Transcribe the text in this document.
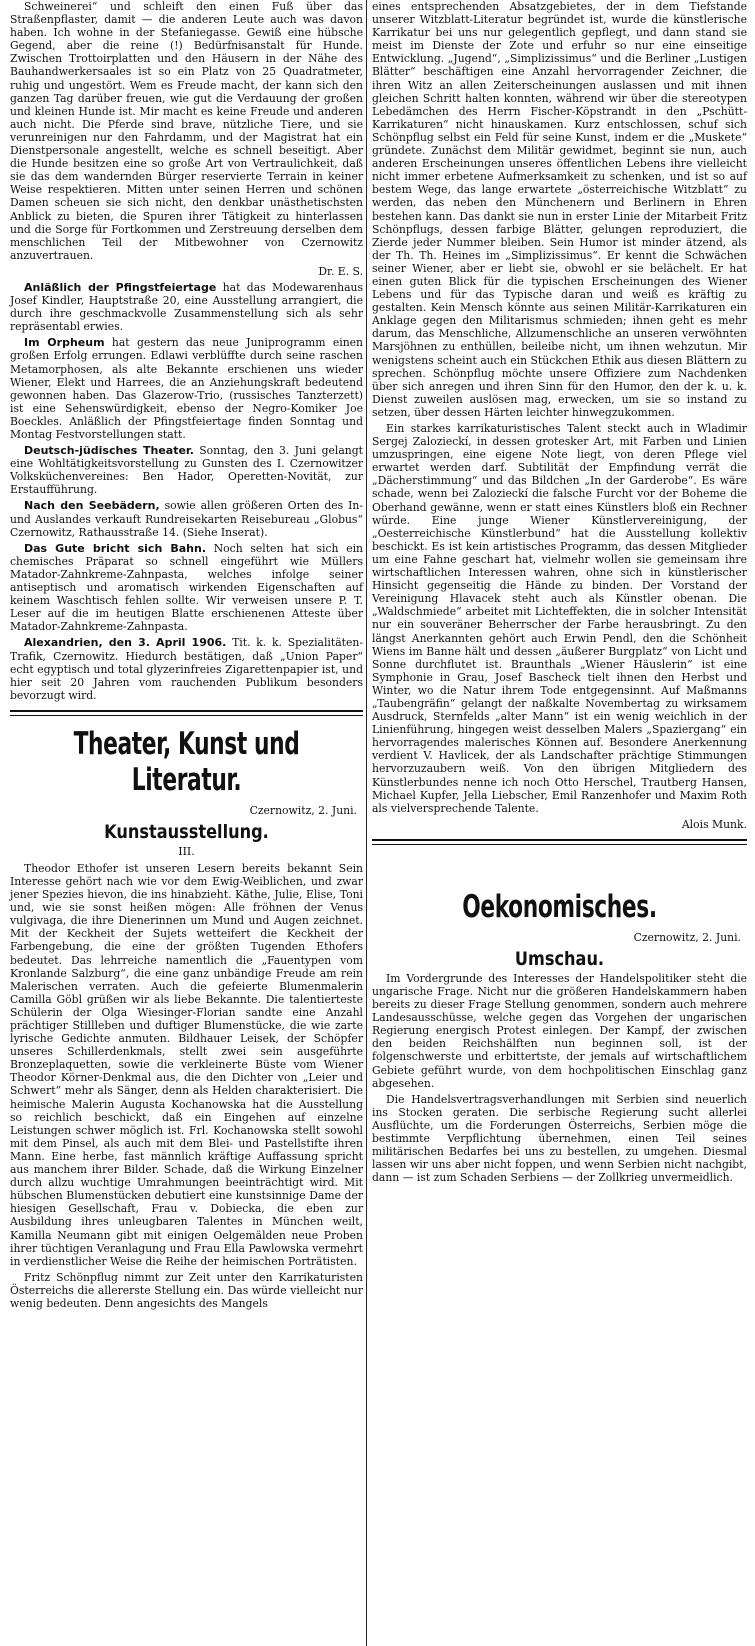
Schweinerei“ und schleift den einen Fuß über das Straßenpflaster, damit — die anderen Leute auch was davon haben. Ich wohne in der Stefaniegasse. Gewiß eine hübsche Gegend, aber die reine (!) Bedürfnisanstalt für Hunde. Zwischen Trottoirplatten und den Häusern in der Nähe des Bauhandwerkersaales ist so ein Platz von 25 Quadratmeter, ruhig und ungestört. Wem es Freude macht, der kann sich den ganzen Tag darüber freuen, wie gut die Verdauung der großen und kleinen Hunde ist. Mir macht es keine Freude und anderen auch nicht. Die Pferde sind brave, nützliche Tiere, und sie verunreinigen nur den Fahrdamm, und der Magistrat hat ein Dienstpersonale angestellt, welche es schnell beseitigt. Aber die Hunde besitzen eine so große Art von Vertraulichkeit, daß sie das dem wandernden Bürger reservierte Terrain in keiner Weise respektieren. Mitten unter seinen Herren und schönen Damen scheuen sie sich nicht, den denkbar unästhetischsten Anblick zu bieten, die Spuren ihrer Tätigkeit zu hinterlassen und die Sorge für Fortkommen und Zerstreuung derselben dem menschlichen Teil der Mitbewohner von Czernowitz anzuvertrauen.

Dr. E. S.

Anläßlich der Pfingstfeiertage hat das Modewarenhaus Josef Kindler, Hauptstraße 20, eine Ausstellung arrangiert, die durch ihre geschmackvolle Zusammenstellung sich als sehr repräsentabl erwies.

Im Orpheum hat gestern das neue Juniprogramm einen großen Erfolg errungen. Edlawi verblüffte durch seine raschen Metamorphosen, als alte Bekannte erschienen uns wieder Wiener, Elekt und Harrees, die an Anziehungskraft bedeutend gewonnen haben. Das Glazerow-Trio, (russisches Tanzterzett) ist eine Sehenswürdigkeit, ebenso der Negro-Komiker Joe Boeckles. Anläßlich der Pfingstfeiertage finden Sonntag und Montag Festvorstellungen statt.

Deutsch-jüdisches Theater. Sonntag, den 3. Juni gelangt eine Wohltätigkeitsvorstellung zu Gunsten des I. Czernowitzer Volksküchenvereines: Ben Hador, Operetten-Novität, zur Erstaufführung.

Nach den Seebädern, sowie allen größeren Orten des In- und Auslandes verkauft Rundreisekarten Reisebureau „Globus“ Czernowitz, Rathausstraße 14. (Siehe Inserat).

Das Gute bricht sich Bahn. Noch selten hat sich ein chemisches Präparat so schnell eingeführt wie Müllers Matador-Zahnkreme-Zahnpasta, welches infolge seiner antiseptisch und aromatisch wirkenden Eigenschaften auf keinem Waschtisch fehlen sollte. Wir verweisen unsere P. T. Leser auf die im heutigen Blatte erschienenen Atteste über Matador-Zahnkreme-Zahnpasta.

Alexandrien, den 3. April 1906. Tit. k. k. Spezialitäten-Trafik, Czernowitz. Hiedurch bestätigen, daß „Union Paper“ echt egyptisch und total glyzerinfreies Zigarettenpapier ist, und hier seit 20 Jahren vom rauchenden Publikum besonders bevorzugt wird.

Theater, Kunst und Literatur.
Czernowitz, 2. Juni.
Kunstausstellung.
III.

Theodor Ethofer ist unseren Lesern bereits bekannt Sein Interesse gehört nach wie vor dem Ewig-Weiblichen, und zwar jener Spezies hievon, die ins hinabzieht. Käthe, Julie, Elise, Toni und, wie sie sonst heißen mögen: Alle fröhnen der Venus vulgivaga, die ihre Dienerinnen um Mund und Augen zeichnet. Mit der Keckheit der Sujets wetteifert die Keckheit der Farbengebung, die eine der größten Tugenden Ethofers bedeutet. Das lehrreiche namentlich die „Fauentypen vom Kronlande Salzburg“, die eine ganz unbändige Freude am rein Malerischen verraten. Auch die gefeierte Blumenmalerin Camilla Göbl grüßen wir als liebe Bekannte. Die talentierteste Schülerin der Olga Wiesinger-Florian sandte eine Anzahl prächtiger Stillleben und duftiger Blumenstücke, die wie zarte lyrische Gedichte anmuten. Bildhauer Leisek, der Schöpfer unseres Schillerdenkmals, stellt zwei sein ausgeführte Bronzeplaquetten, sowie die verkleinerte Büste vom Wiener Theodor Körner-Denkmal aus, die den Dichter von „Leier und Schwert“ mehr als Sänger, denn als Helden charakterisiert. Die heimische Malerin Augusta Kochanowska hat die Ausstellung so reichlich beschickt, daß ein Eingehen auf einzelne Leistungen schwer möglich ist. Frl. Kochanowska stellt sowohl mit dem Pinsel, als auch mit dem Blei- und Pastellstifte ihren Mann. Eine herbe, fast männlich kräftige Auffassung spricht aus manchem ihrer Bilder. Schade, daß die Wirkung Einzelner durch allzu wuchtige Umrahmungen beeinträchtigt wird. Mit hübschen Blumenstücken debutiert eine kunstsinnige Dame der hiesigen Gesellschaft, Frau v. Dobiecka, die eben zur Ausbildung ihres unleugbaren Talentes in München weilt, Kamilla Neumann gibt mit einigen Oelgemälden neue Proben ihrer tüchtigen Veranlagung und Frau Ella Pawlowska vermehrt in verdienstlicher Weise die Reihe der heimischen Porträtisten.

Fritz Schönpflug nimmt zur Zeit unter den Karrikaturisten Österreichs die allererste Stellung ein. Das würde vielleicht nur wenig bedeuten. Denn angesichts des Mangels

eines entsprechenden Absatzgebietes, der in dem Tiefstande unserer Witzblatt-Literatur begründet ist, wurde die künstlerische Karrikatur bei uns nur gelegentlich gepflegt, und dann stand sie meist im Dienste der Zote und erfuhr so nur eine einseitige Entwicklung. „Jugend“, „Simplizissimus“ und die Berliner „Lustigen Blätter“ beschäftigen eine Anzahl hervorragender Zeichner, die ihren Witz an allen Zeiterscheinungen auslassen und mit ihnen gleichen Schritt halten konnten, während wir über die stereotypen Lebedämchen des Herrn Fischer-Köpstrandt in den „Pschütt-Karrikaturen“ nicht hinauskamen. Kurz entschlossen, schuf sich Schönpflug selbst ein Feld für seine Kunst, indem er die „Muskete“ gründete. Zunächst dem Militär gewidmet, beginnt sie nun, auch anderen Erscheinungen unseres öffentlichen Lebens ihre vielleicht nicht immer erbetene Aufmerksamkeit zu schenken, und ist so auf bestem Wege, das lange erwartete „österreichische Witzblatt“ zu werden, das neben den Münchenern und Berlinern in Ehren bestehen kann. Das dankt sie nun in erster Linie der Mitarbeit Fritz Schönpflugs, dessen farbige Blätter, gelungen reproduziert, die Zierde jeder Nummer bleiben. Sein Humor ist minder ätzend, als der Th. Th. Heines im „Simplizissimus“. Er kennt die Schwächen seiner Wiener, aber er liebt sie, obwohl er sie belächelt. Er hat einen guten Blick für die typischen Erscheinungen des Wiener Lebens und für das Typische daran und weiß es kräftig zu gestalten. Kein Mensch könnte aus seinen Militär-Karrikaturen ein Anklage gegen den Militarismus schmieden; ihnen geht es mehr darum, das Menschliche, Allzumenschliche an unseren verwöhnten Marsjöhnen zu enthüllen, beileibe nicht, um ihnen wehzutun. Mir wenigstens scheint auch ein Stückchen Ethik aus diesen Blättern zu sprechen. Schönpflug möchte unsere Offiziere zum Nachdenken über sich anregen und ihren Sinn für den Humor, den der k. u. k. Dienst zuweilen auslösen mag, erwecken, um sie so instand zu setzen, über dessen Härten leichter hinwegzukommen.

Ein starkes karrikaturistisches Talent steckt auch in Wladimir Sergej Zalozieckí, in dessen grotesker Art, mit Farben und Linien umzuspringen, eine eigene Note liegt, von deren Pflege viel erwartet werden darf. Subtilität der Empfindung verrät die „Dächerstimmung“ und das Bildchen „In der Garderobe“. Es wäre schade, wenn bei Zalozieckí die falsche Furcht vor der Boheme die Oberhand gewänne, wenn er statt eines Künstlers bloß ein Rechner würde. Eine junge Wiener Künstlervereinigung, der „Oesterreichische Künstlerbund“ hat die Ausstellung kollektiv beschickt. Es ist kein artistisches Programm, das dessen Mitglieder um eine Fahne geschart hat, vielmehr wollen sie gemeinsam ihre wirtschaftlichen Interessen wahren, ohne sich in künstlerischer Hinsicht gegenseitig die Hände zu binden. Der Vorstand der Vereinigung Hlavacek steht auch als Künstler obenan. Die „Waldschmiede“ arbeitet mit Lichteffekten, die in solcher Intensität nur ein souveräner Beherrscher der Farbe herausbringt. Zu den längst Anerkannten gehört auch Erwin Pendl, den die Schönheit Wiens im Banne hält und dessen „äußerer Burgplatz“ von Licht und Sonne durchflutet ist. Braunthals „Wiener Häuslerin“ ist eine Symphonie in Grau, Josef Bascheck tielt ihnen den Herbst und Winter, wo die Natur ihrem Tode entgegensinnt. Auf Maßmanns „Taubengräfin“ gelangt der naßkalte Novembertag zu wirksamem Ausdruck, Sternfelds „alter Mann“ ist ein wenig weichlich in der Linienführung, hingegen weist desselben Malers „Spaziergang“ ein hervorragendes malerisches Können auf. Besondere Anerkennung verdient V. Havlicek, der als Landschafter prächtige Stimmungen hervorzuzaubern weiß. Von den übrigen Mitgliedern des Künstlerbundes nenne ich noch Otto Herschel, Trautberg Hansen, Michael Kupfer, Jella Liebscher, Emil Ranzenhofer und Maxim Roth als vielversprechende Talente.

Alois Munk.

Oekonomisches.
Czernowitz, 2. Juni.
Umschau.

Im Vordergrunde des Interesses der Handelspolitiker steht die ungarische Frage. Nicht nur die größeren Handelskammern haben bereits zu dieser Frage Stellung genommen, sondern auch mehrere Landesausschüsse, welche gegen das Vorgehen der ungarischen Regierung energisch Protest einlegen. Der Kampf, der zwischen den beiden Reichshälften nun beginnen soll, ist der folgenschwerste und erbittertste, der jemals auf wirtschaftlichem Gebiete geführt wurde, von dem hochpolitischen Einschlag ganz abgesehen.

Die Handelsvertragsverhandlungen mit Serbien sind neuerlich ins Stocken geraten. Die serbische Regierung sucht allerlei Ausflüchte, um die Forderungen Österreichs, Serbien möge die bestimmte Verpflichtung übernehmen, einen Teil seines militärischen Bedarfes bei uns zu bestellen, zu umgehen. Diesmal lassen wir uns aber nicht foppen, und wenn Serbien nicht nachgibt, dann — ist zum Schaden Serbiens — der Zollkrieg unvermeidlich.
